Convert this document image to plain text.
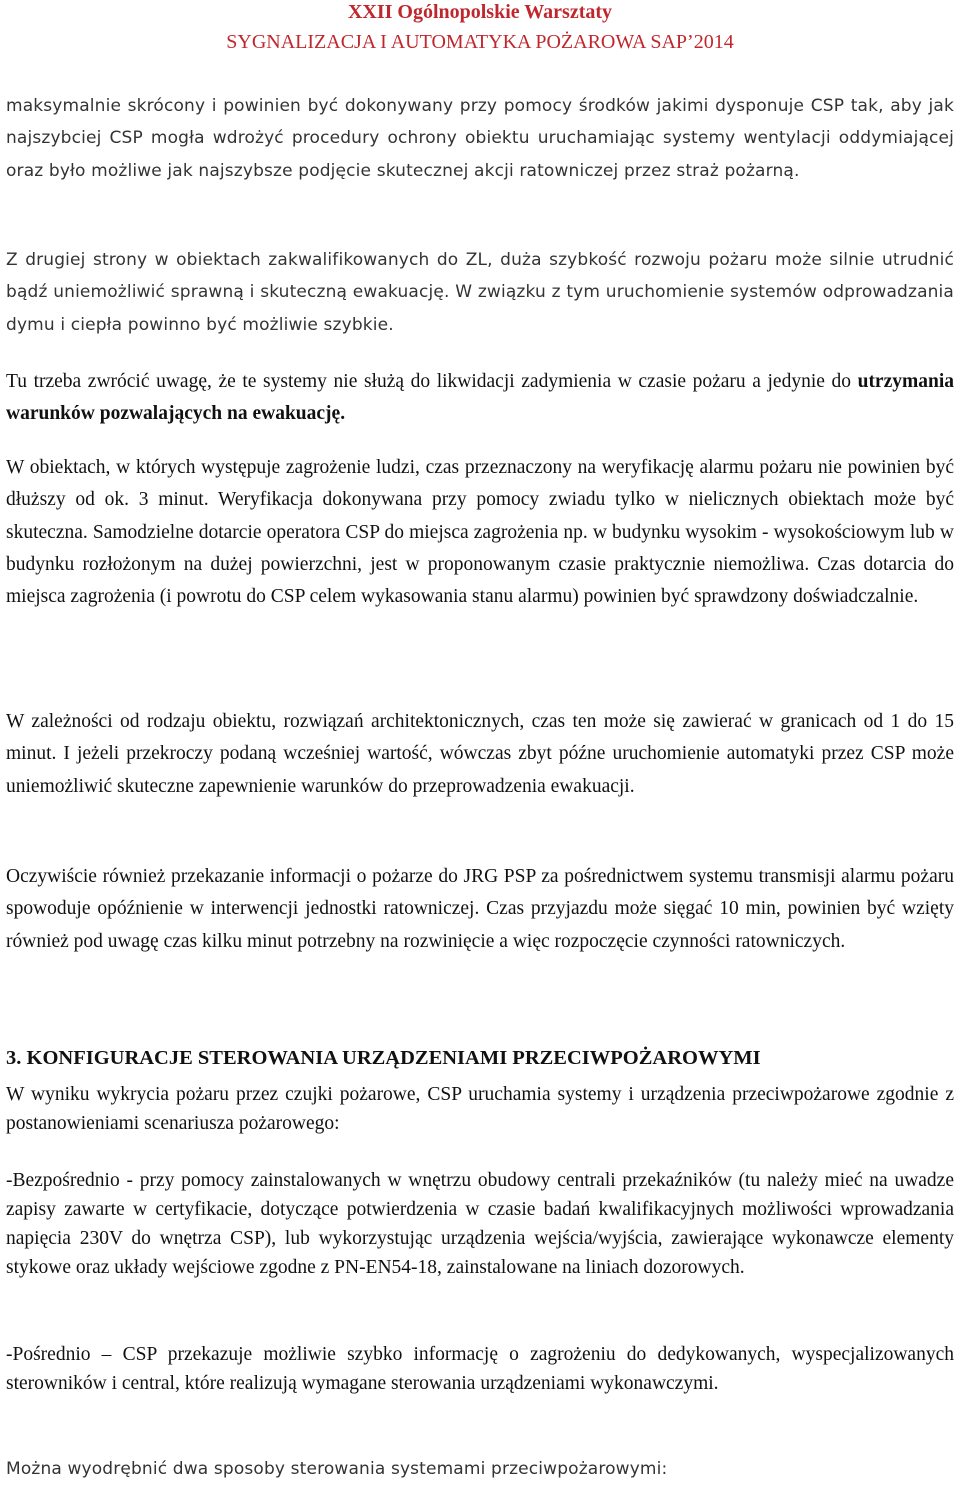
XXII Ogólnopolskie Warsztaty
SYGNALIZACJA I AUTOMATYKA POŻAROWA SAP’2014

maksymalnie skrócony i powinien być dokonywany przy pomocy środków jakimi dysponuje CSP tak, aby jak najszybciej CSP mogła wdrożyć procedury ochrony obiektu uruchamiając systemy wentylacji oddymiającej oraz było możliwe jak najszybsze podjęcie skutecznej akcji ratowniczej przez straż pożarną.

Z drugiej strony w obiektach zakwalifikowanych do ZL, duża szybkość rozwoju pożaru może silnie utrudnić bądź uniemożliwić sprawną i skuteczną ewakuację. W związku z tym uruchomienie systemów odprowadzania dymu i ciepła powinno być możliwie szybkie.

Tu trzeba zwrócić uwagę, że te systemy nie służą do likwidacji zadymienia w czasie pożaru a jedynie do utrzymania warunków pozwalających na ewakuację.

W obiektach, w których występuje zagrożenie ludzi, czas przeznaczony na weryfikację alarmu pożaru nie powinien być dłuższy od ok. 3 minut. Weryfikacja dokonywana przy pomocy zwiadu tylko w nielicznych obiektach może być skuteczna. Samodzielne dotarcie operatora CSP do miejsca zagrożenia np. w budynku wysokim - wysokościowym lub w budynku rozłożonym na dużej powierzchni, jest w proponowanym czasie praktycznie niemożliwa. Czas dotarcia do miejsca zagrożenia (i powrotu do CSP celem wykasowania stanu alarmu) powinien być sprawdzony doświadczalnie.

W zależności od rodzaju obiektu, rozwiązań architektonicznych, czas ten może się zawierać w granicach od 1 do 15 minut. I jeżeli przekroczy podaną wcześniej wartość, wówczas zbyt późne uruchomienie automatyki przez CSP może uniemożliwić skuteczne zapewnienie warunków do przeprowadzenia ewakuacji.

Oczywiście również przekazanie informacji o pożarze do JRG PSP za pośrednictwem systemu transmisji alarmu pożaru spowoduje opóźnienie w interwencji jednostki ratowniczej. Czas przyjazdu może sięgać 10 min, powinien być wzięty również pod uwagę czas kilku minut potrzebny na rozwinięcie a więc rozpoczęcie czynności ratowniczych.

3. KONFIGURACJE STEROWANIA URZĄDZENIAMI PRZECIWPOŻAROWYMI

W wyniku wykrycia pożaru przez czujki pożarowe, CSP uruchamia systemy i urządzenia przeciwpożarowe zgodnie z postanowieniami scenariusza pożarowego:

-Bezpośrednio - przy pomocy zainstalowanych w wnętrzu obudowy centrali przekaźników (tu należy mieć na uwadze zapisy zawarte w certyfikacie, dotyczące potwierdzenia w czasie badań kwalifikacyjnych możliwości wprowadzania napięcia 230V do wnętrza CSP), lub wykorzystując urządzenia wejścia/wyjścia, zawierające wykonawcze elementy stykowe oraz układy wejściowe zgodne z PN-EN54-18, zainstalowane na liniach dozorowych.

-Pośrednio – CSP przekazuje możliwie szybko informację o zagrożeniu do dedykowanych, wyspecjalizowanych sterowników i central, które realizują wymagane sterowania urządzeniami wykonawczymi.

Można wyodrębnić dwa sposoby sterowania systemami przeciwpożarowymi:
